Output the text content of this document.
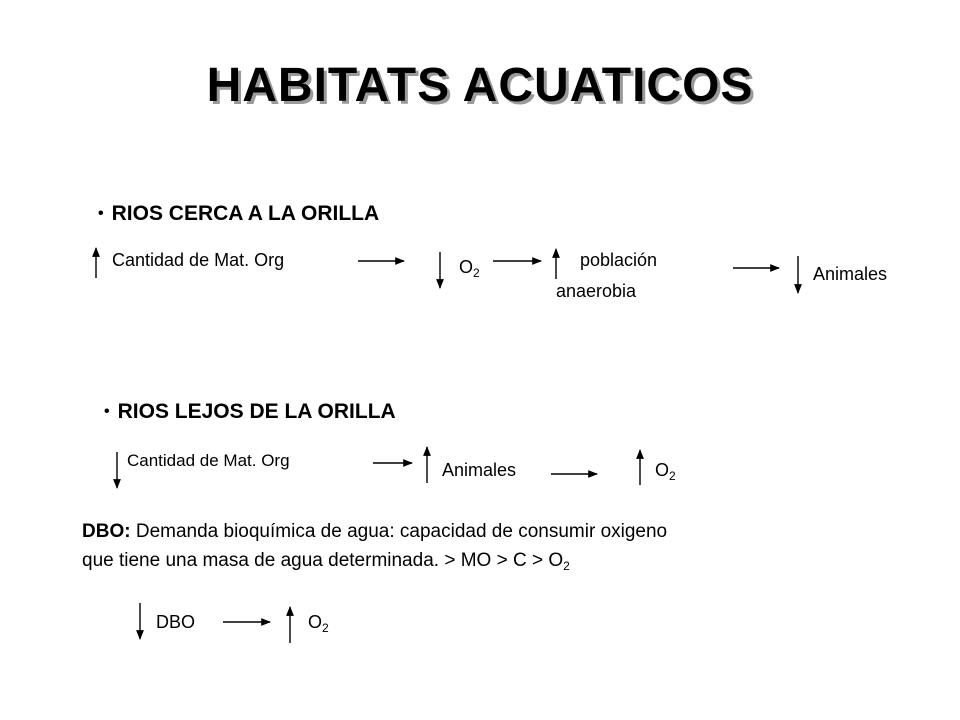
HABITATS ACUATICOS
• RIOS CERCA A LA ORILLA
Cantidad de Mat. Org	$O_2$
población
anaerobia
Animales
• RIOS LEJOS DE LA ORILLA
Cantidad de Mat. Org	Animales	$O_2$
DBO: Demanda bioquímica de agua: capacidad de consumir oxigeno
que tiene una masa de agua determinada. > MO > $C > O_2$
DBO	$O_2$
